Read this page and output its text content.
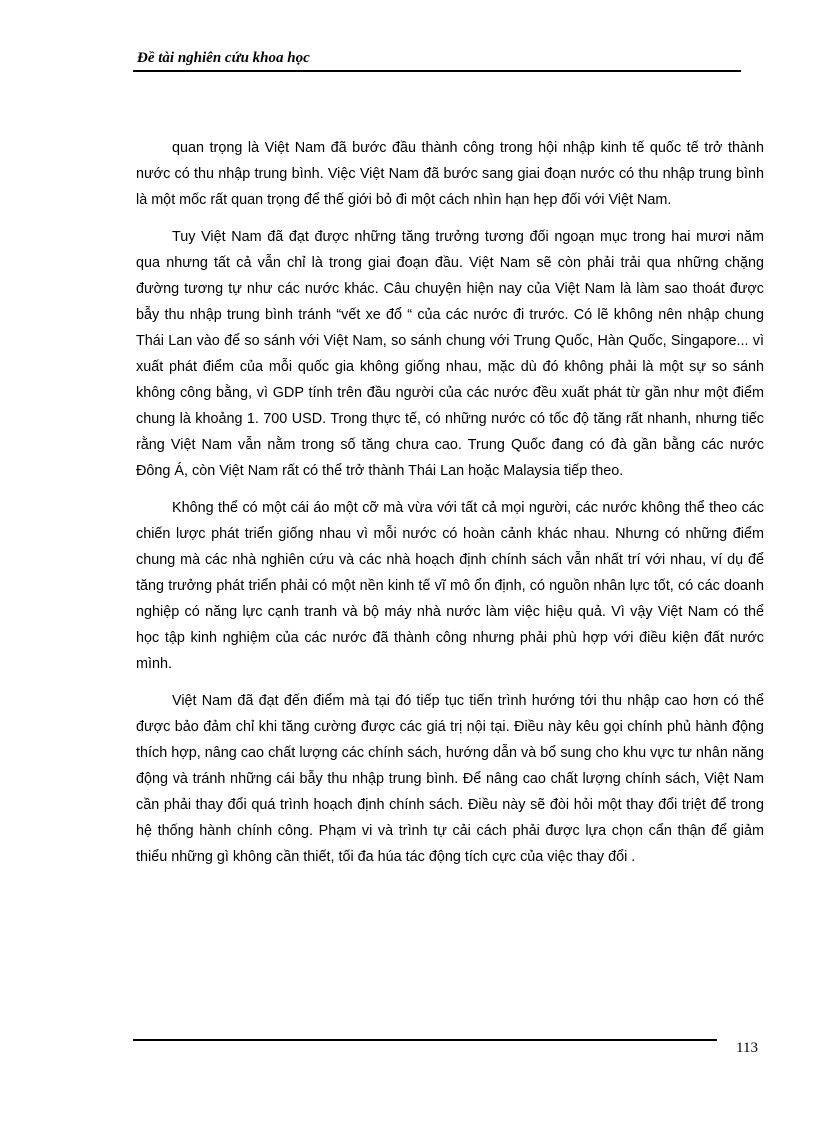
Đề tài nghiên cứu khoa học

quan trọng là Việt Nam đã bước đầu thành công trong hội nhập kinh tế quốc tế trở thành nước có thu nhập trung bình. Việc Việt Nam đã bước sang giai đoạn nước có thu nhập trung bình là một mốc rất quan trọng để thế giới bỏ đi một cách nhìn hạn hẹp đối với Việt Nam.

Tuy Việt Nam đã đạt được những tăng trưởng tương đối ngoạn mục trong hai mươi năm qua nhưng tất cả vẫn chỉ là trong giai đoạn đầu. Việt Nam sẽ còn phải trải qua những chặng đường tương tự như các nước khác. Câu chuyện hiện nay của Việt Nam là làm sao thoát được bẫy thu nhập trung bình tránh “vết xe đổ “ của các nước đi trước. Có lẽ không nên nhập chung Thái Lan vào để so sánh với Việt Nam, so sánh chung với Trung Quốc, Hàn Quốc, Singapore... vì xuất phát điểm của mỗi quốc gia không giống nhau, mặc dù đó không phải là một sự so sánh không công bằng, vì GDP tính trên đầu người của các nước đều xuất phát từ gần như một điểm chung là khoảng 1. 700 USD. Trong thực tế, có những nước có tốc độ tăng rất nhanh, nhưng tiếc rằng Việt Nam vẫn nằm trong số tăng chưa cao. Trung Quốc đang có đà gần bằng các nước Đông Á, còn Việt Nam rất có thể trở thành Thái Lan hoặc Malaysia tiếp theo.

Không thể có một cái áo một cỡ mà vừa với tất cả mọi người, các nước không thể theo các chiến lược phát triển giống nhau vì mỗi nước có hoàn cảnh khác nhau. Nhưng có những điểm chung mà các nhà nghiên cứu và các nhà hoạch định chính sách vẫn nhất trí với nhau, ví dụ để tăng trưởng phát triển phải có một nền kinh tế vĩ mô ổn định, có nguồn nhân lực tốt, có các doanh nghiệp có năng lực cạnh tranh và bộ máy nhà nước làm việc hiệu quả. Vì vậy Việt Nam có thể học tập kinh nghiệm của các nước đã thành công nhưng phải phù hợp với điều kiện đất nước mình.

Việt Nam đã đạt đến điểm mà tại đó tiếp tục tiến trình hướng tới thu nhập cao hơn có thể được bảo đảm chỉ khi tăng cường được các giá trị nội tại. Điều này kêu gọi chính phủ hành động thích hợp, nâng cao chất lượng các chính sách, hướng dẫn và bổ sung cho khu vực tư nhân năng động và tránh những cái bẫy thu nhập trung bình. Để nâng cao chất lượng chính sách, Việt Nam cần phải thay đổi quá trình hoạch định chính sách. Điều này sẽ đòi hỏi một thay đổi triệt để trong hệ thống hành chính công. Phạm vi và trình tự cải cách phải được lựa chọn cẩn thận để giảm thiểu những gì không cần thiết, tối đa húa tác động tích cực của việc thay đổi .

113
